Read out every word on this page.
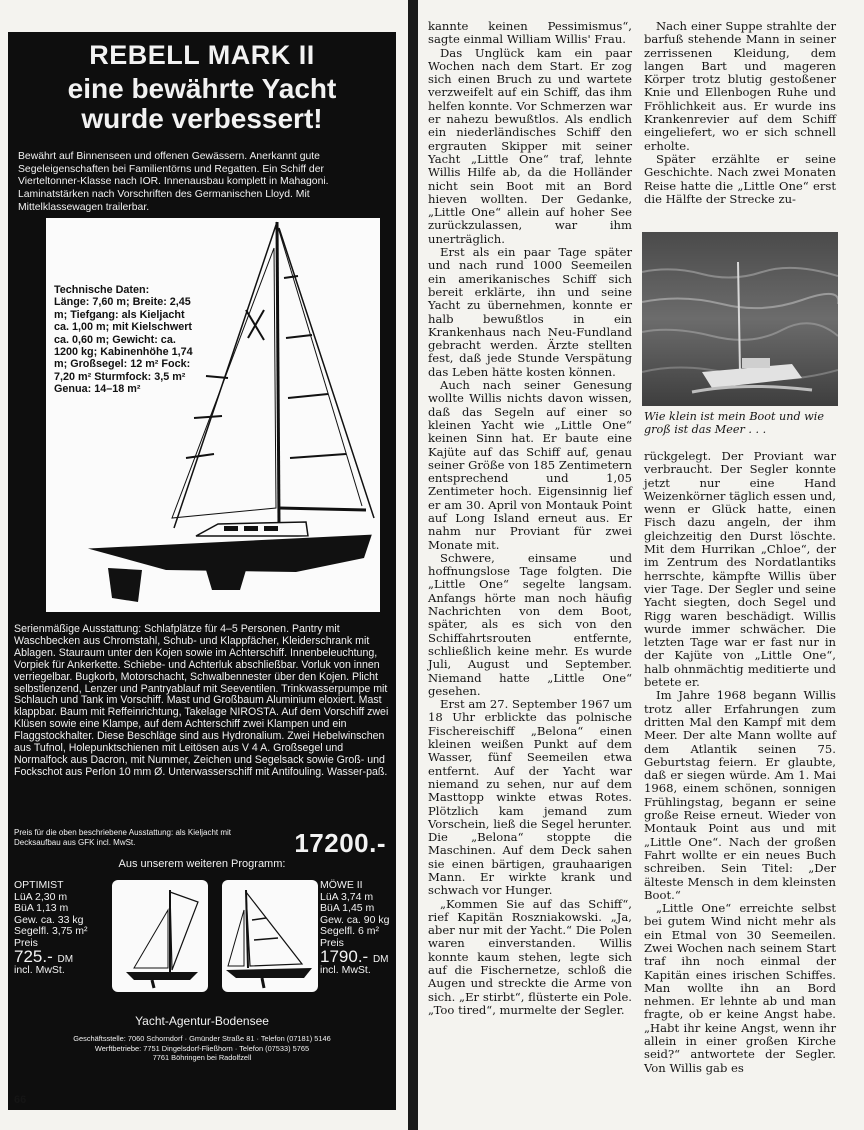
REBELL MARK II
eine bewährte Yacht
wurde verbessert!
Bewährt auf Binnenseen und offenen Gewässern. Anerkannt gute Segeleigenschaften bei Familientörns und Regatten. Ein Schiff der Vierteltonner-Klasse nach IOR. Innenausbau komplett in Mahagoni. Laminatstärken nach Vorschriften des Germanischen Lloyd. Mit Mittelklassewagen trailerbar.
Technische Daten:
Länge: 7,60 m; Breite: 2,45 m; Tiefgang: als Kieljacht ca. 1,00 m; mit Kielschwert ca. 0,60 m; Gewicht: ca. 1200 kg; Kabinenhöhe 1,74 m; Großsegel: 12 m² Fock: 7,20 m² Sturmfock: 3,5 m² Genua: 14–18 m²
Serienmäßige Ausstattung: Schlafplätze für 4–5 Personen. Pantry mit Waschbecken aus Chromstahl, Schub- und Klappfächer, Kleiderschrank mit Ablagen. Stauraum unter den Kojen sowie im Achterschiff. Innenbeleuchtung, Vorpiek für Ankerkette. Schiebe- und Achterluk abschließbar. Vorluk von innen verriegelbar. Bugkorb, Motorschacht, Schwalbennester über den Kojen. Plicht selbstlenzend, Lenzer und Pantryablauf mit Seeventilen. Trinkwasserpumpe mit Schlauch und Tank im Vorschiff. Mast und Großbaum Aluminium eloxiert. Mast klappbar. Baum mit Reffeinrichtung, Takelage NIROSTA. Auf dem Vorschiff zwei Klüsen sowie eine Klampe, auf dem Achterschiff zwei Klampen und ein Flaggstockhalter. Diese Beschläge sind aus Hydronalium. Zwei Hebelwinschen aus Tufnol, Holepunktschienen mit Leitösen aus V 4 A. Großsegel und Normalfock aus Dacron, mit Nummer, Zeichen und Segelsack sowie Groß- und Fockschot aus Perlon 10 mm Ø. Unterwasserschiff mit Antifouling. Wasser-paß.
Preis für die oben beschriebene Ausstattung: als Kieljacht mit Decksaufbau aus GFK incl. MwSt.	17200.-
Aus unserem weiteren Programm:
OPTIMIST
LüA 2,30 m
BüA 1,13 m
Gew. ca. 33 kg
Segelfl. 3,75 m²
Preis
725.- DM
incl. MwSt.
MÖWE II
LüA 3,74 m
BüA 1,45 m
Gew. ca. 90 kg
Segelfl. 6 m²
Preis
1790.- DM
incl. MwSt.
Yacht-Agentur-Bodensee
Geschäftsstelle: 7060 Schorndorf · Gmünder Straße 81 · Telefon (07181) 5146
Werftbetriebe: 7751 Dingelsdorf-Fließhorn · Telefon (07533) 5765
7761 Böhringen bei Radolfzell

kannte keinen Pessimismus“, sagte einmal William Willis' Frau.

Das Unglück kam ein paar Wochen nach dem Start. Er zog sich einen Bruch zu und wartete verzweifelt auf ein Schiff, das ihm helfen konnte. Vor Schmerzen war er nahezu bewußtlos. Als endlich ein niederländisches Schiff den ergrauten Skipper mit seiner Yacht „Little One“ traf, lehnte Willis Hilfe ab, da die Holländer nicht sein Boot mit an Bord hieven wollten. Der Gedanke, „Little One“ allein auf hoher See zurückzulassen, war ihm unerträglich.

Erst als ein paar Tage später und nach rund 1000 Seemeilen ein amerikanisches Schiff sich bereit erklärte, ihn und seine Yacht zu übernehmen, konnte er halb bewußtlos in ein Krankenhaus nach Neu-Fundland gebracht werden. Ärzte stellten fest, daß jede Stunde Verspätung das Leben hätte kosten können.

Auch nach seiner Genesung wollte Willis nichts davon wissen, daß das Segeln auf einer so kleinen Yacht wie „Little One“ keinen Sinn hat. Er baute eine Kajüte auf das Schiff auf, genau seiner Größe von 185 Zentimetern entsprechend und 1,05 Zentimeter hoch. Eigensinnig lief er am 30. April von Montauk Point auf Long Island erneut aus. Er nahm nur Proviant für zwei Monate mit.

Schwere, einsame und hoffnungslose Tage folgten. Die „Little One“ segelte langsam. Anfangs hörte man noch häufig Nachrichten von dem Boot, später, als es sich von den Schiffahrtsrouten entfernte, schließlich keine mehr. Es wurde Juli, August und September. Niemand hatte „Little One“ gesehen.

Erst am 27. September 1967 um 18 Uhr erblickte das polnische Fischereischiff „Belona“ einen kleinen weißen Punkt auf dem Wasser, fünf Seemeilen etwa entfernt. Auf der Yacht war niemand zu sehen, nur auf dem Masttopp winkte etwas Rotes. Plötzlich kam jemand zum Vorschein, ließ die Segel herunter. Die „Belona“ stoppte die Maschinen. Auf dem Deck sahen sie einen bärtigen, grauhaarigen Mann. Er wirkte krank und schwach vor Hunger.

„Kommen Sie auf das Schiff“, rief Kapitän Roszniakowski. „Ja, aber nur mit der Yacht.“ Die Polen waren einverstanden. Willis konnte kaum stehen, legte sich auf die Fischernetze, schloß die Augen und streckte die Arme von sich. „Er stirbt“, flüsterte ein Pole. „Too tired“, murmelte der Segler.

Nach einer Suppe strahlte der barfuß stehende Mann in seiner zerrissenen Kleidung, dem langen Bart und mageren Körper trotz blutig gestoßener Knie und Ellenbogen Ruhe und Fröhlichkeit aus. Er wurde ins Krankenrevier auf dem Schiff eingeliefert, wo er sich schnell erholte.

Später erzählte er seine Geschichte. Nach zwei Monaten Reise hatte die „Little One“ erst die Hälfte der Strecke zu-

Wie klein ist mein Boot und wie groß ist das Meer . . .

rückgelegt. Der Proviant war verbraucht. Der Segler konnte jetzt nur eine Hand Weizenkörner täglich essen und, wenn er Glück hatte, einen Fisch dazu angeln, der ihm gleichzeitig den Durst löschte. Mit dem Hurrikan „Chloe“, der im Zentrum des Nordatlantiks herrschte, kämpfte Willis über vier Tage. Der Segler und seine Yacht siegten, doch Segel und Rigg waren beschädigt. Willis wurde immer schwächer. Die letzten Tage war er fast nur in der Kajüte von „Little One“, halb ohnmächtig meditierte und betete er.

Im Jahre 1968 begann Willis trotz aller Erfahrungen zum dritten Mal den Kampf mit dem Meer. Der alte Mann wollte auf dem Atlantik seinen 75. Geburtstag feiern. Er glaubte, daß er siegen würde. Am 1. Mai 1968, einem schönen, sonnigen Frühlingstag, begann er seine große Reise erneut. Wieder von Montauk Point aus und mit „Little One“. Nach der großen Fahrt wollte er ein neues Buch schreiben. Sein Titel: „Der älteste Mensch in dem kleinsten Boot.“

„Little One“ erreichte selbst bei gutem Wind nicht mehr als ein Etmal von 30 Seemeilen. Zwei Wochen nach seinem Start traf ihn noch einmal der Kapitän eines irischen Schiffes. Man wollte ihn an Bord nehmen. Er lehnte ab und man fragte, ob er keine Angst habe. „Habt ihr keine Angst, wenn ihr allein in einer großen Kirche seid?“ antwortete der Segler. Von Willis gab es

66
